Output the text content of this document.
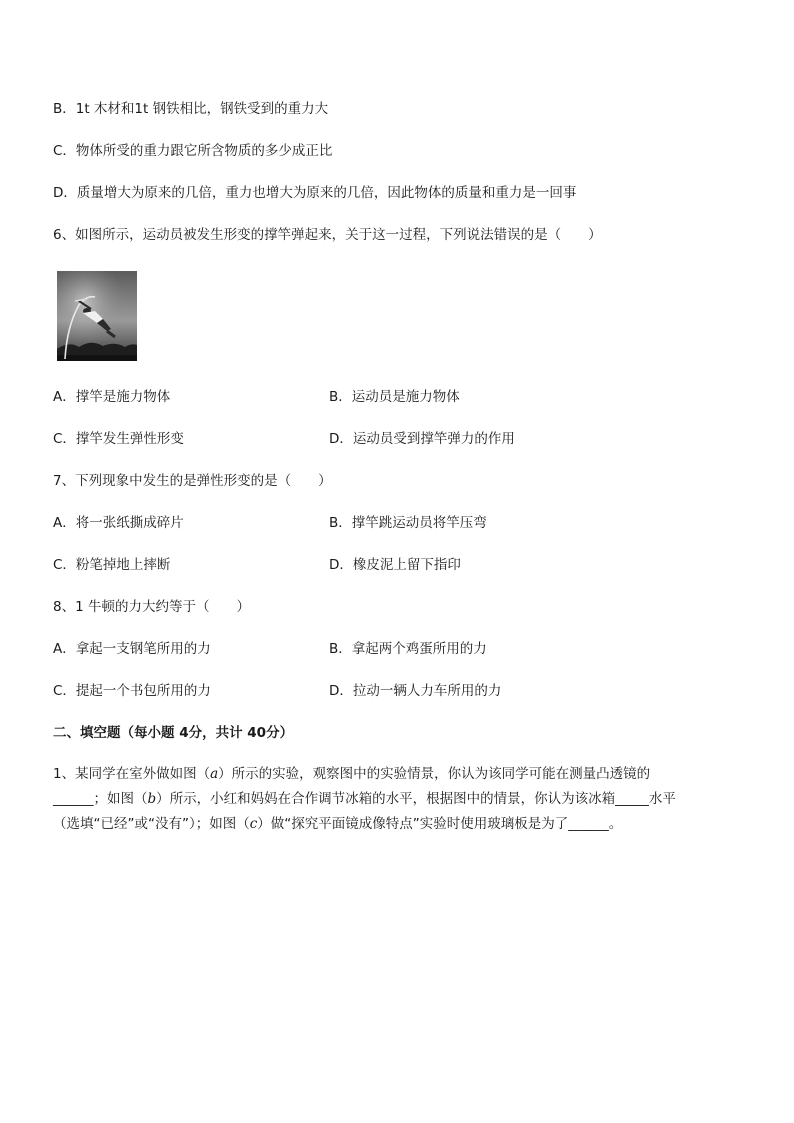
B．1t 木材和1t 钢铁相比，钢铁受到的重力大
C．物体所受的重力跟它所含物质的多少成正比
D．质量增大为原来的几倍，重力也增大为原来的几倍，因此物体的质量和重力是一回事
6、如图所示，运动员被发生形变的撑竿弹起来，关于这一过程，下列说法错误的是（　　）
A．撑竿是施力物体	B．运动员是施力物体
C．撑竿发生弹性形变	D．运动员受到撑竿弹力的作用
7、下列现象中发生的是弹性形变的是（　　）
A．将一张纸撕成碎片	B．撑竿跳运动员将竿压弯
C．粉笔掉地上摔断	D．橡皮泥上留下指印
8、1 牛顿的力大约等于（　　）
A．拿起一支钢笔所用的力	B．拿起两个鸡蛋所用的力
C．提起一个书包所用的力	D．拉动一辆人力车所用的力
二、填空题（每小题 4分，共计 40分）
1、某同学在室外做如图（a）所示的实验，观察图中的实验情景，你认为该同学可能在测量凸透镜的
______；如图（b）所示，小红和妈妈在合作调节冰箱的水平，根据图中的情景，你认为该冰箱_____水平
（选填“已经”或“没有”）；如图（c）做“探究平面镜成像特点”实验时使用玻璃板是为了______。
